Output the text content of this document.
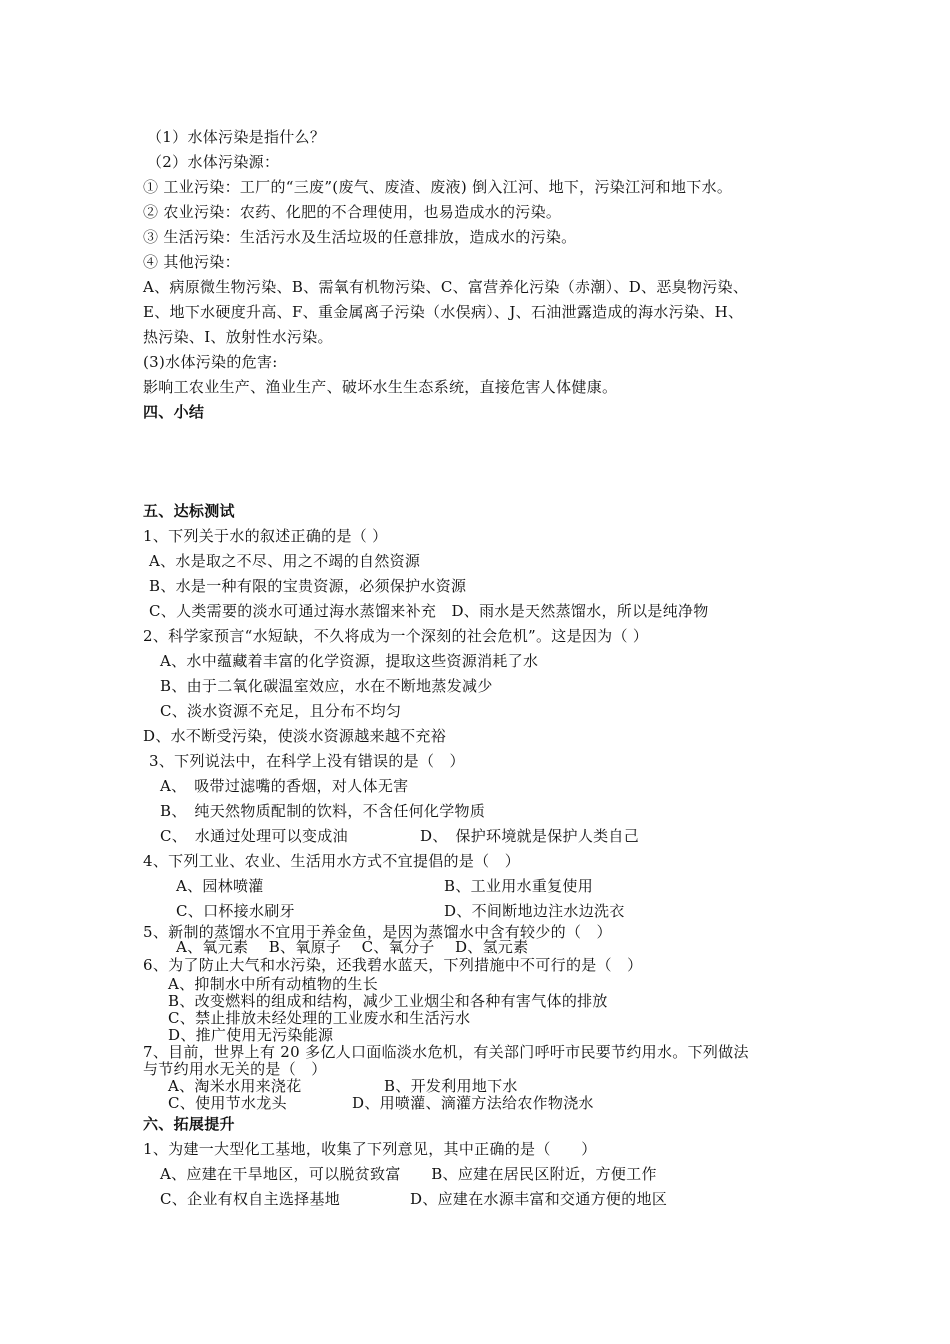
（1）水体污染是指什么？
（2）水体污染源：
① 工业污染：工厂的“三废”(废气、废渣、废液) 倒入江河、地下，污染江河和地下水。
② 农业污染：农药、化肥的不合理使用，也易造成水的污染。
③ 生活污染：生活污水及生活垃圾的任意排放，造成水的污染。
④ 其他污染：
A、病原微生物污染、B、需氧有机物污染、C、富营养化污染（赤潮）、D、恶臭物污染、
E、地下水硬度升高、F、重金属离子污染（水俣病）、J、石油泄露造成的海水污染、H、
热污染、I、放射性水污染。
(3)水体污染的危害:
影响工农业生产、渔业生产、破坏水生生态系统，直接危害人体健康。
四、小结
五、达标测试
1、下列关于水的叙述正确的是（ ）
A、水是取之不尽、用之不竭的自然资源
B、水是一种有限的宝贵资源，必须保护水资源
C、人类需要的淡水可通过海水蒸馏来补充　D、雨水是天然蒸馏水，所以是纯净物
2、科学家预言“水短缺，不久将成为一个深刻的社会危机”。这是因为（ ）
A、水中蕴藏着丰富的化学资源，提取这些资源消耗了水
B、由于二氧化碳温室效应，水在不断地蒸发减少
C、淡水资源不充足，且分布不均匀
D、水不断受污染，使淡水资源越来越不充裕
3、下列说法中，在科学上没有错误的是（　）
A、　吸带过滤嘴的香烟，对人体无害
B、　纯天然物质配制的饮料，不含任何化学物质
C、　水通过处理可以变成油	D、　保护环境就是保护人类自己
4、下列工业、农业、生活用水方式不宜提倡的是（　）
A、园林喷灌	B、工业用水重复使用
C、口杯接水刷牙	D、不间断地边注水边洗衣
5、新制的蒸馏水不宜用于养金鱼，是因为蒸馏水中含有较少的（　）
A、氧元素　 B、氧原子　 C、氧分子　 D、氢元素
6、为了防止大气和水污染，还我碧水蓝天，下列措施中不可行的是（　）
A、抑制水中所有动植物的生长
B、改变燃料的组成和结构，减少工业烟尘和各种有害气体的排放
C、禁止排放未经处理的工业废水和生活污水
D、推广使用无污染能源
7、目前，世界上有 20 多亿人口面临淡水危机，有关部门呼吁市民要节约用水。下列做法
与节约用水无关的是（　）
A、淘米水用来浇花	B、开发利用地下水
C、使用节水龙头	D、用喷灌、滴灌方法给农作物浇水
六、拓展提升
1、为建一大型化工基地，收集了下列意见，其中正确的是（　　）
A、应建在干旱地区，可以脱贫致富　　B、应建在居民区附近，方便工作
C、企业有权自主选择基地	D、应建在水源丰富和交通方便的地区
